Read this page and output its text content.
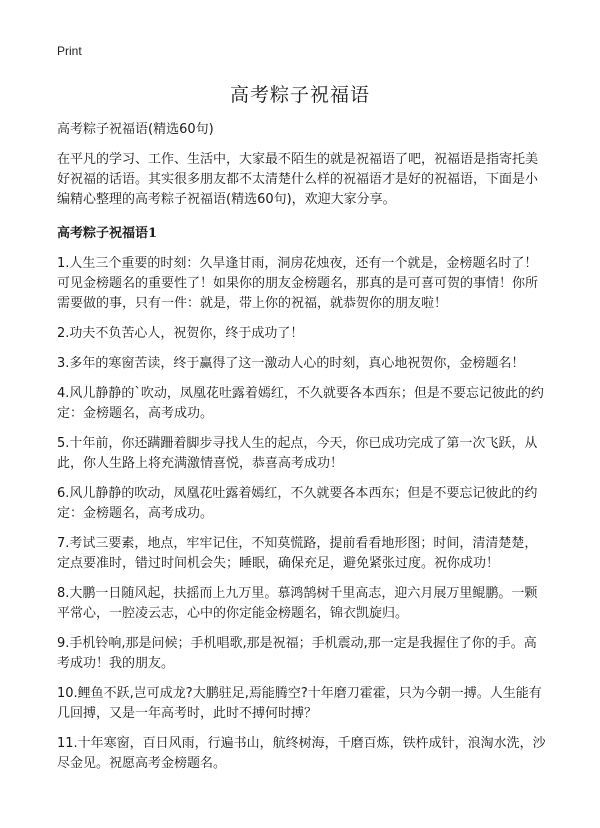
Print
高考粽子祝福语

高考粽子祝福语(精选60句)

在平凡的学习、工作、生活中，大家最不陌生的就是祝福语了吧，祝福语是指寄托美好祝福的话语。其实很多朋友都不太清楚什么样的祝福语才是好的祝福语，下面是小编精心整理的高考粽子祝福语(精选60句)，欢迎大家分享。

高考粽子祝福语1

1.人生三个重要的时刻：久旱逢甘雨，洞房花烛夜，还有一个就是，金榜题名时了！可见金榜题名的重要性了！如果你的朋友金榜题名，那真的是可喜可贺的事情！你所需要做的事，只有一件：就是，带上你的祝福，就恭贺你的朋友啦！
2.功夫不负苦心人，祝贺你，终于成功了！
3.多年的寒窗苦读，终于赢得了这一激动人心的时刻，真心地祝贺你，金榜题名！
4.风儿静静的`吹动，凤凰花吐露着嫣红，不久就要各本西东；但是不要忘记彼此的约定：金榜题名，高考成功。
5.十年前，你还蹒跚着脚步寻找人生的起点，今天，你已成功完成了第一次飞跃，从此，你人生路上将充满激情喜悦，恭喜高考成功！
6.风儿静静的吹动，凤凰花吐露着嫣红，不久就要各本西东；但是不要忘记彼此的约定：金榜题名，高考成功。
7.考试三要素，地点，牢牢记住，不知莫慌路，提前看看地形图；时间，清清楚楚，定点要准时，错过时间机会失；睡眠，确保充足，避免紧张过度。祝你成功！
8.大鹏一日随风起，扶摇而上九万里。慕鸿鹄树千里高志，迎六月展万里鲲鹏。一颗平常心，一腔凌云志，心中的你定能金榜题名，锦衣凯旋归。
9.手机铃响,那是问候；手机唱歌,那是祝福；手机震动,那一定是我握住了你的手。高考成功！我的朋友。
10.鲤鱼不跃,岂可成龙?大鹏驻足,焉能腾空?十年磨刀霍霍，只为今朝一搏。人生能有几回搏，又是一年高考时，此时不搏何时搏？
11.十年寒窗，百日风雨，行遍书山，航终树海，千磨百炼，铁杵成针，浪淘水洗，沙尽金见。祝愿高考金榜题名。
